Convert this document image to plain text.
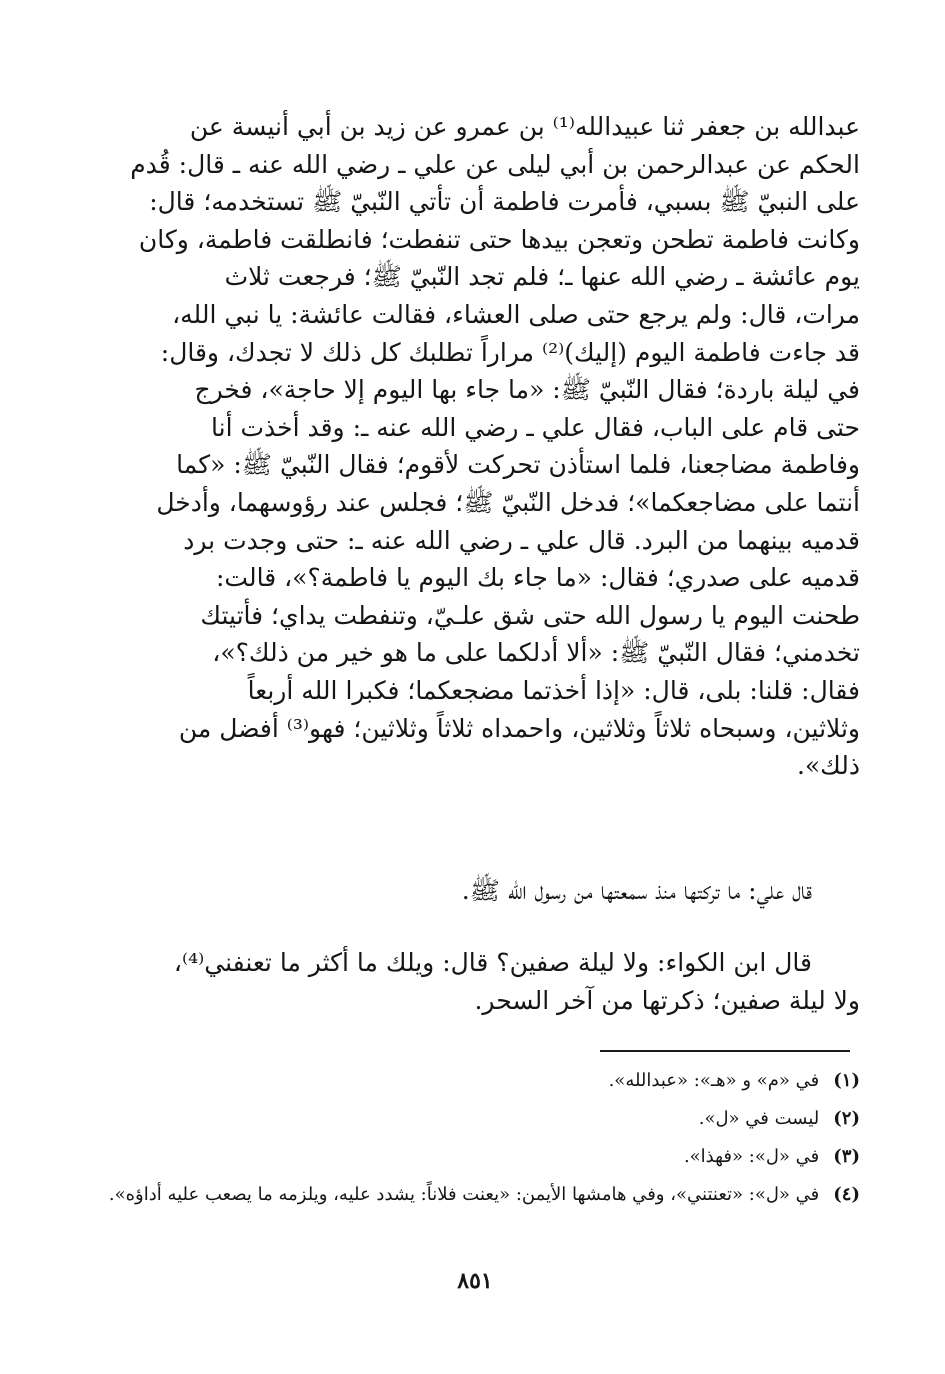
عبدالله بن جعفر ثنا عبيدالله⁽¹⁾ بن عمرو عن زيد بن أبي أنيسة عن
الحكم عن عبدالرحمن بن أبي ليلى عن علي ـ رضي الله عنه ـ قال: قُدم
على النبيّ ﷺ بسبي، فأمرت فاطمة أن تأتي النّبيّ ﷺ تستخدمه؛ قال:
وكانت فاطمة تطحن وتعجن بيدها حتى تنفطت؛ فانطلقت فاطمة، وكان
يوم عائشة ـ رضي الله عنها ـ؛ فلم تجد النّبيّ ﷺ؛ فرجعت ثلاث
مرات، قال: ولم يرجع حتى صلى العشاء، فقالت عائشة: يا نبي الله،
قد جاءت فاطمة اليوم (إليك)⁽²⁾ مراراً تطلبك كل ذلك لا تجدك، وقال:
في ليلة باردة؛ فقال النّبيّ ﷺ: «ما جاء بها اليوم إلا حاجة»، فخرج
حتى قام على الباب، فقال علي ـ رضي الله عنه ـ: وقد أخذت أنا
وفاطمة مضاجعنا، فلما استأذن تحركت لأقوم؛ فقال النّبيّ ﷺ: «كما
أنتما على مضاجعكما»؛ فدخل النّبيّ ﷺ؛ فجلس عند رؤوسهما، وأدخل
قدميه بينهما من البرد. قال علي ـ رضي الله عنه ـ: حتى وجدت برد
قدميه على صدري؛ فقال: «ما جاء بك اليوم يا فاطمة؟»، قالت:
طحنت اليوم يا رسول الله حتى شق علـيّ، وتنفطت يداي؛ فأتيتك
تخدمني؛ فقال النّبيّ ﷺ: «ألا أدلكما على ما هو خير من ذلك؟»،
فقال: قلنا: بلى، قال: «إذا أخذتما مضجعكما؛ فكبرا الله أربعاً
وثلاثين، وسبحاه ثلاثاً وثلاثين، واحمداه ثلاثاً وثلاثين؛ فهو⁽³⁾ أفضل من
ذلك».
قال علي: ما تركتها منذ سمعتها من رسول الله ﷺ.
قال ابن الكواء: ولا ليلة صفين؟ قال: ويلك ما أكثر ما تعنفني⁽⁴⁾،
ولا ليلة صفين؛ ذكرتها من آخر السحر.
(١)
في «م» و «هـ»: «عبدالله».
(٢)
ليست في «ل».
(٣)
في «ل»: «فهذا».
(٤)
في «ل»: «تعنتني»، وفي هامشها الأيمن: «يعنت فلاناً: يشدد عليه، ويلزمه ما يصعب عليه أداؤه».
٨٥١
